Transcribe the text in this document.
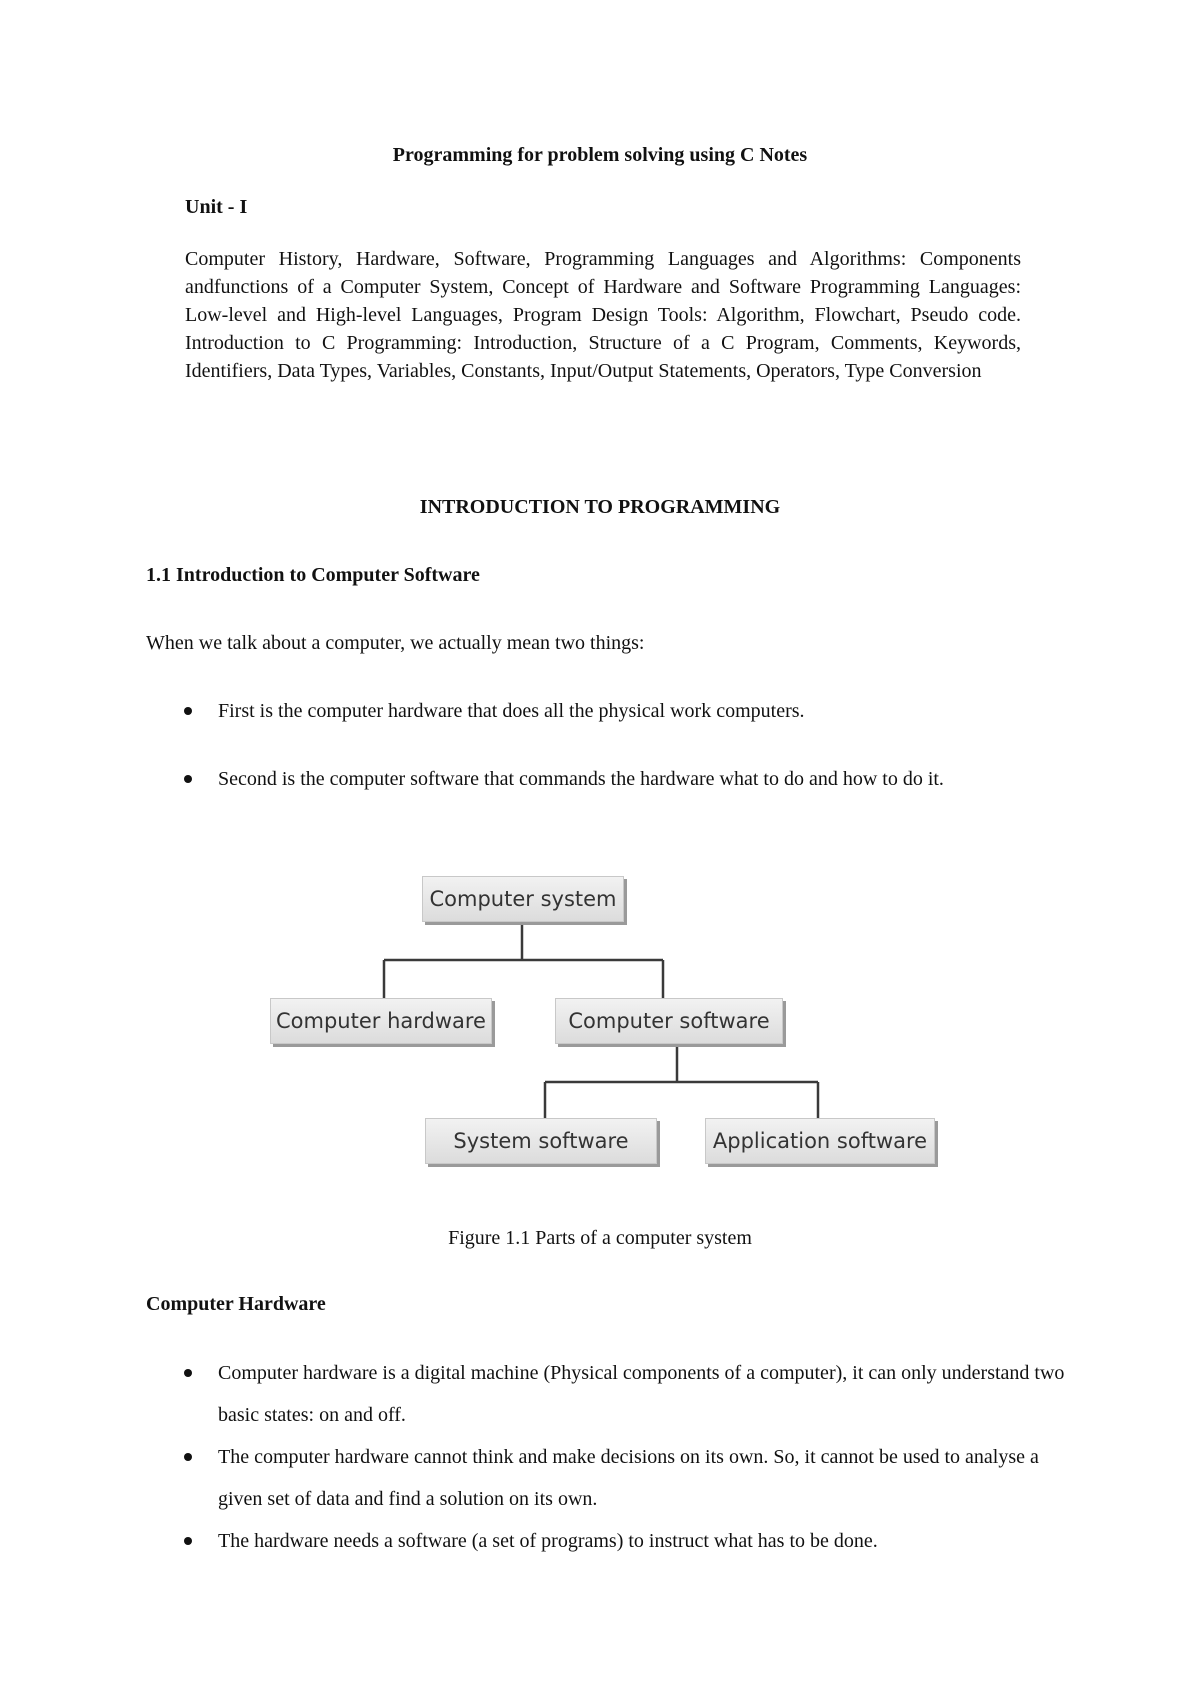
Programming for problem solving using C Notes

Unit - I

Computer History, Hardware, Software, Programming Languages and Algorithms: Components andfunctions of a Computer System, Concept of Hardware and Software Programming Languages: Low-level and High-level Languages, Program Design Tools: Algorithm, Flowchart, Pseudo code. Introduction to C Programming: Introduction, Structure of a C Program, Comments, Keywords, Identifiers, Data Types, Variables, Constants, Input/Output Statements, Operators, Type Conversion

INTRODUCTION TO PROGRAMMING
1.1 Introduction to Computer Software

When we talk about a computer, we actually mean two things:

First is the computer hardware that does all the physical work computers.
Second is the computer software that commands the hardware what to do and how to do it.
Computer system
Computer hardware	Computer software
System software	Application software

Figure 1.1 Parts of a computer system

Computer Hardware
Computer hardware is a digital machine (Physical components of a computer), it can only understand two basic states: on and off.
The computer hardware cannot think and make decisions on its own. So, it cannot be used to analyse a given set of data and find a solution on its own.
The hardware needs a software (a set of programs) to instruct what has to be done.
